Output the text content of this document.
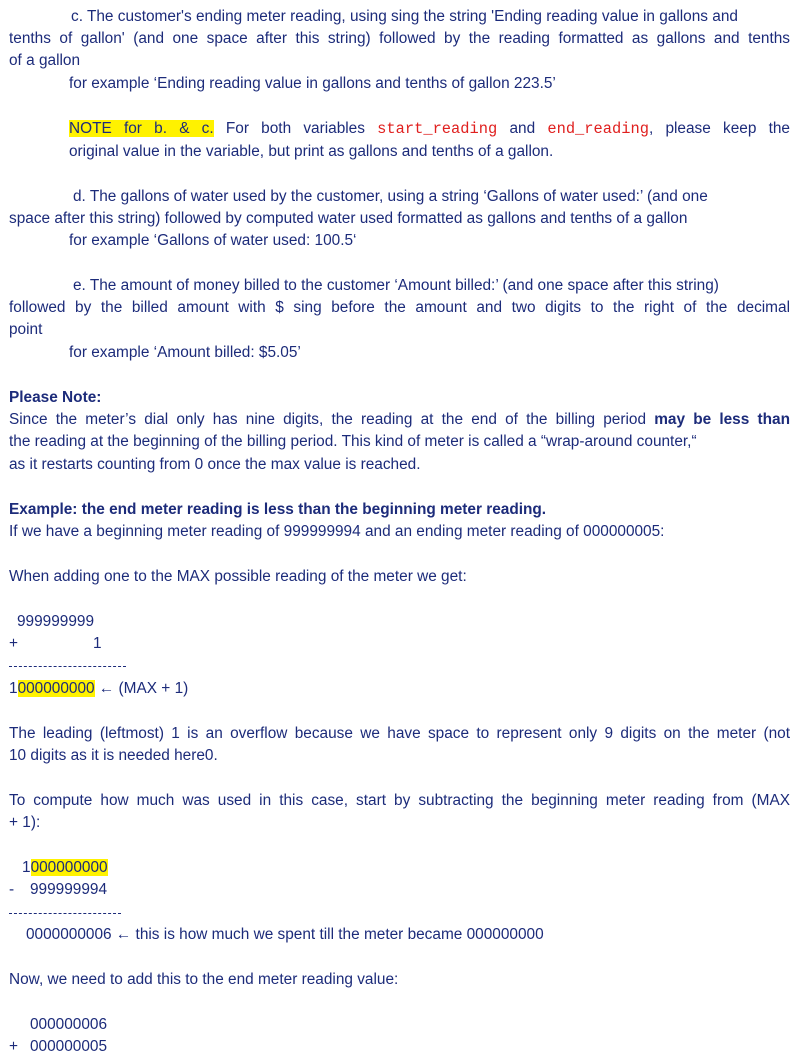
c. The customer's ending meter reading, using sing the string 'Ending reading value in gallons and
tenths of gallon' (and one space after this string) followed by the reading formatted as gallons and tenths
of a gallon
for example ‘Ending reading value in gallons and tenths of gallon 223.5’
NOTE for b. & c. For both variables start_reading and end_reading, please keep the
original value in the variable, but print as gallons and tenths of a gallon.
d. The gallons of water used by the customer, using a string ‘Gallons of water used:’ (and one
space after this string) followed by computed water used formatted as gallons and tenths of a gallon
for example ‘Gallons of water used: 100.5‘
e. The amount of money billed to the customer ‘Amount billed:’ (and one space after this string)
followed by the billed amount with $ sing before the amount and two digits to the right of the decimal
point
for example ‘Amount billed: $5.05’
Please Note:
Since the meter’s dial only has nine digits, the reading at the end of the billing period may be less than
the reading at the beginning of the billing period. This kind of meter is called a “wrap-around counter,“
as it restarts counting from 0 once the max value is reached.
Example: the end meter reading is less than the beginning meter reading.
If we have a beginning meter reading of 999999994 and an ending meter reading of 000000005:
When adding one to the MAX possible reading of the meter we get:
999999999
+	1
1000000000 ← (MAX + 1)
The leading (leftmost) 1 is an overflow because we have space to represent only 9 digits on the meter (not
10 digits as it is needed here0.
To compute how much was used in this case, start by subtracting the beginning meter reading from (MAX
+ 1):
1000000000
-	999999994
0000000006 ← this is how much we spent till the meter became 000000000
Now, we need to add this to the end meter reading value:
000000006
+ 000000005
